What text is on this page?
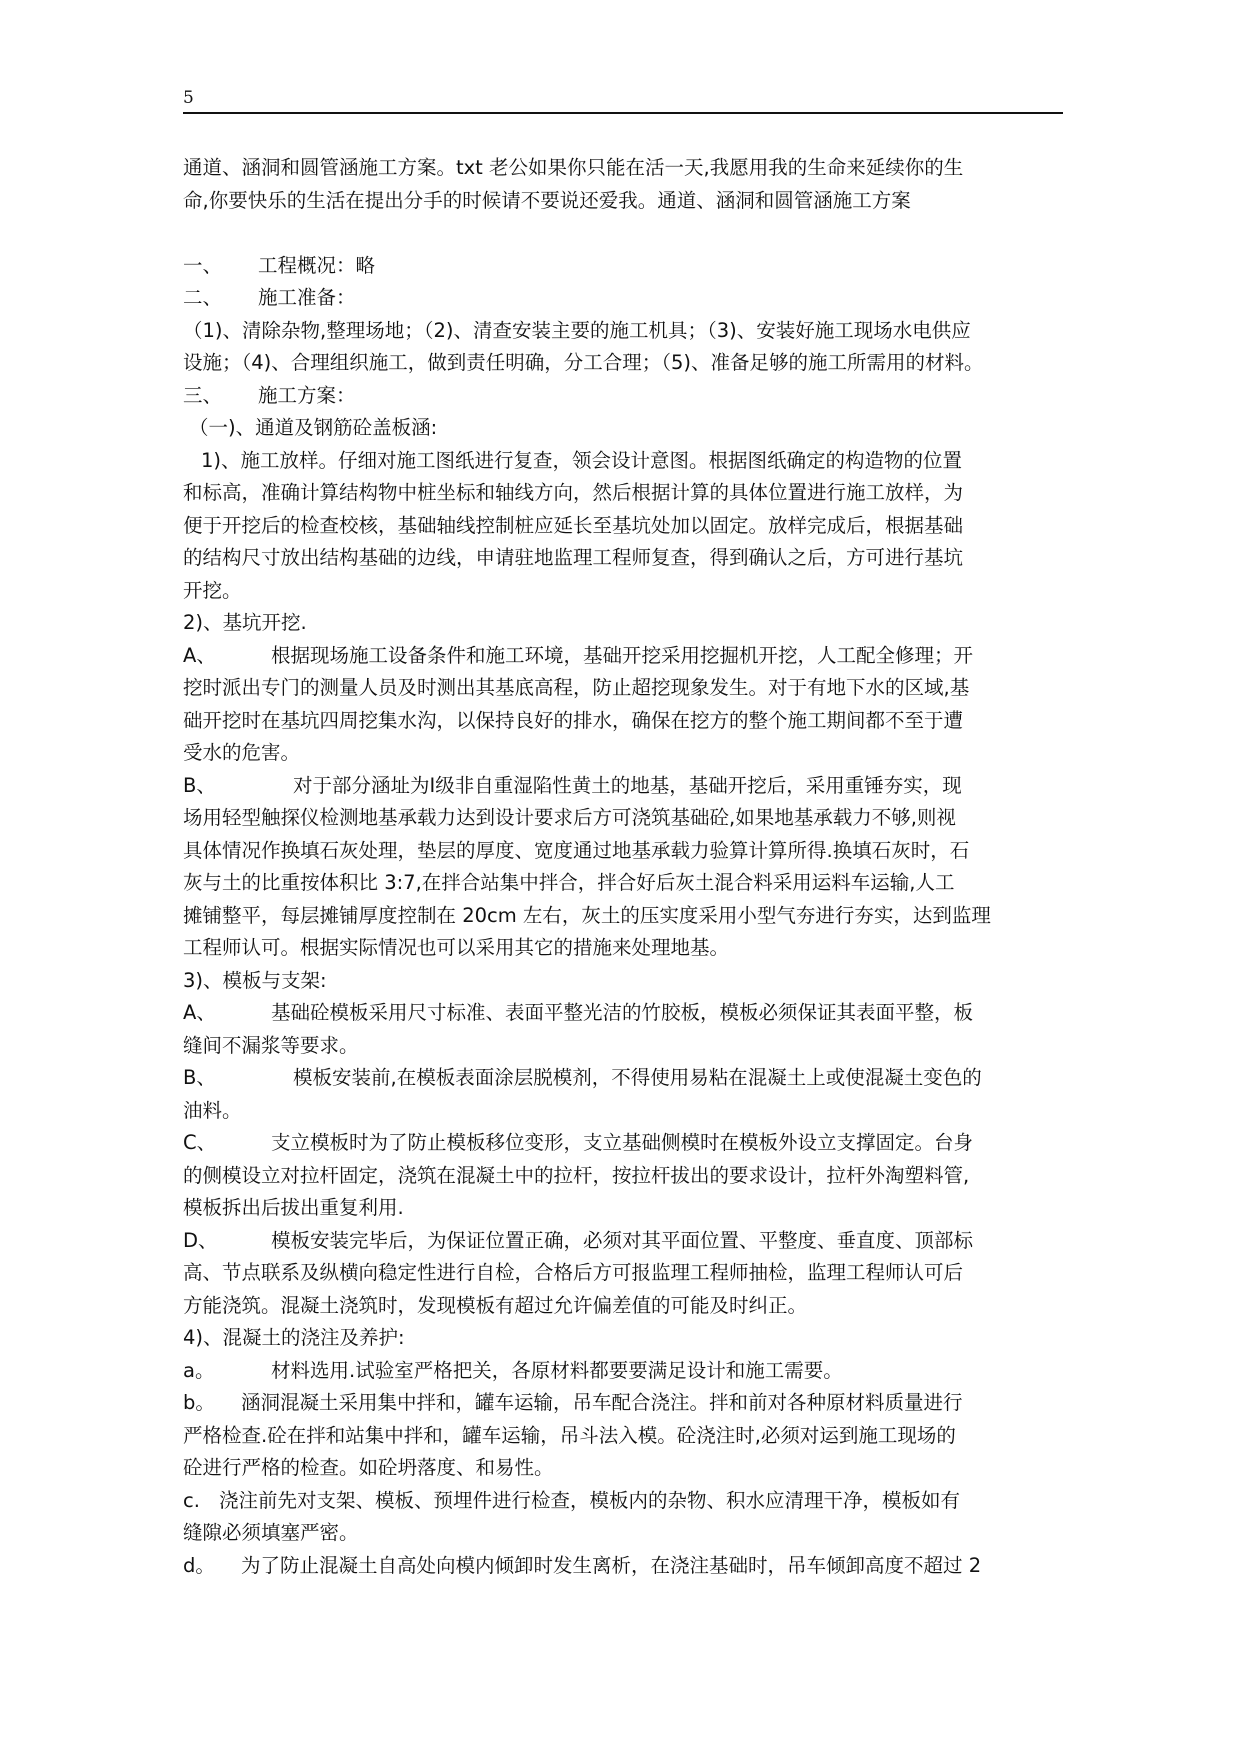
5
通道、涵洞和圆管涵施工方案。txt 老公如果你只能在活一天,我愿用我的生命来延续你的生
命,你要快乐的生活在提出分手的时候请不要说还爱我。通道、涵洞和圆管涵施工方案
一、 工程概况：略
二、 施工准备：
（1)、清除杂物,整理场地；（2)、清查安装主要的施工机具；（3)、安装好施工现场水电供应
设施；（4)、合理组织施工，做到责任明确，分工合理；（5)、准备足够的施工所需用的材料。
三、 施工方案：
（一)、通道及钢筋砼盖板涵:
1)、施工放样。仔细对施工图纸进行复查，领会设计意图。根据图纸确定的构造物的位置
和标高，准确计算结构物中桩坐标和轴线方向，然后根据计算的具体位置进行施工放样，为
便于开挖后的检查校核，基础轴线控制桩应延长至基坑处加以固定。放样完成后，根据基础
的结构尺寸放出结构基础的边线，申请驻地监理工程师复查，得到确认之后，方可进行基坑
开挖。
2)、基坑开挖.
A、	根据现场施工设备条件和施工环境，基础开挖采用挖掘机开挖，人工配全修理；开
挖时派出专门的测量人员及时测出其基底高程，防止超挖现象发生。对于有地下水的区域,基
础开挖时在基坑四周挖集水沟，以保持良好的排水，确保在挖方的整个施工期间都不至于遭
受水的危害。
B、	对于部分涵址为Ⅰ级非自重湿陷性黄土的地基，基础开挖后，采用重锤夯实，现
场用轻型触探仪检测地基承载力达到设计要求后方可浇筑基础砼,如果地基承载力不够,则视
具体情况作换填石灰处理，垫层的厚度、宽度通过地基承载力验算计算所得.换填石灰时，石
灰与土的比重按体积比 3:7,在拌合站集中拌合，拌合好后灰土混合料采用运料车运输,人工
摊铺整平，每层摊铺厚度控制在 20cm 左右，灰土的压实度采用小型气夯进行夯实，达到监理
工程师认可。根据实际情况也可以采用其它的措施来处理地基。
3)、模板与支架:
A、	基础砼模板采用尺寸标准、表面平整光洁的竹胶板，模板必须保证其表面平整，板
缝间不漏浆等要求。
B、	模板安装前,在模板表面涂层脱模剂，不得使用易粘在混凝土上或使混凝土变色的
油料。
C、	支立模板时为了防止模板移位变形，支立基础侧模时在模板外设立支撑固定。台身
的侧模设立对拉杆固定，浇筑在混凝土中的拉杆，按拉杆拔出的要求设计，拉杆外淘塑料管,
模板拆出后拔出重复利用.
D、	模板安装完毕后，为保证位置正确，必须对其平面位置、平整度、垂直度、顶部标
高、节点联系及纵横向稳定性进行自检，合格后方可报监理工程师抽检，监理工程师认可后
方能浇筑。混凝土浇筑时，发现模板有超过允许偏差值的可能及时纠正。
4)、混凝土的浇注及养护:
a。	材料选用.试验室严格把关，各原材料都要要满足设计和施工需要。
b。 涵洞混凝土采用集中拌和，罐车运输，吊车配合浇注。拌和前对各种原材料质量进行
严格检查.砼在拌和站集中拌和，罐车运输，吊斗法入模。砼浇注时,必须对运到施工现场的
砼进行严格的检查。如砼坍落度、和易性。
c. 浇注前先对支架、模板、预埋件进行检查，模板内的杂物、积水应清理干净，模板如有
缝隙必须填塞严密。
d。 为了防止混凝土自高处向模内倾卸时发生离析，在浇注基础时，吊车倾卸高度不超过 2
